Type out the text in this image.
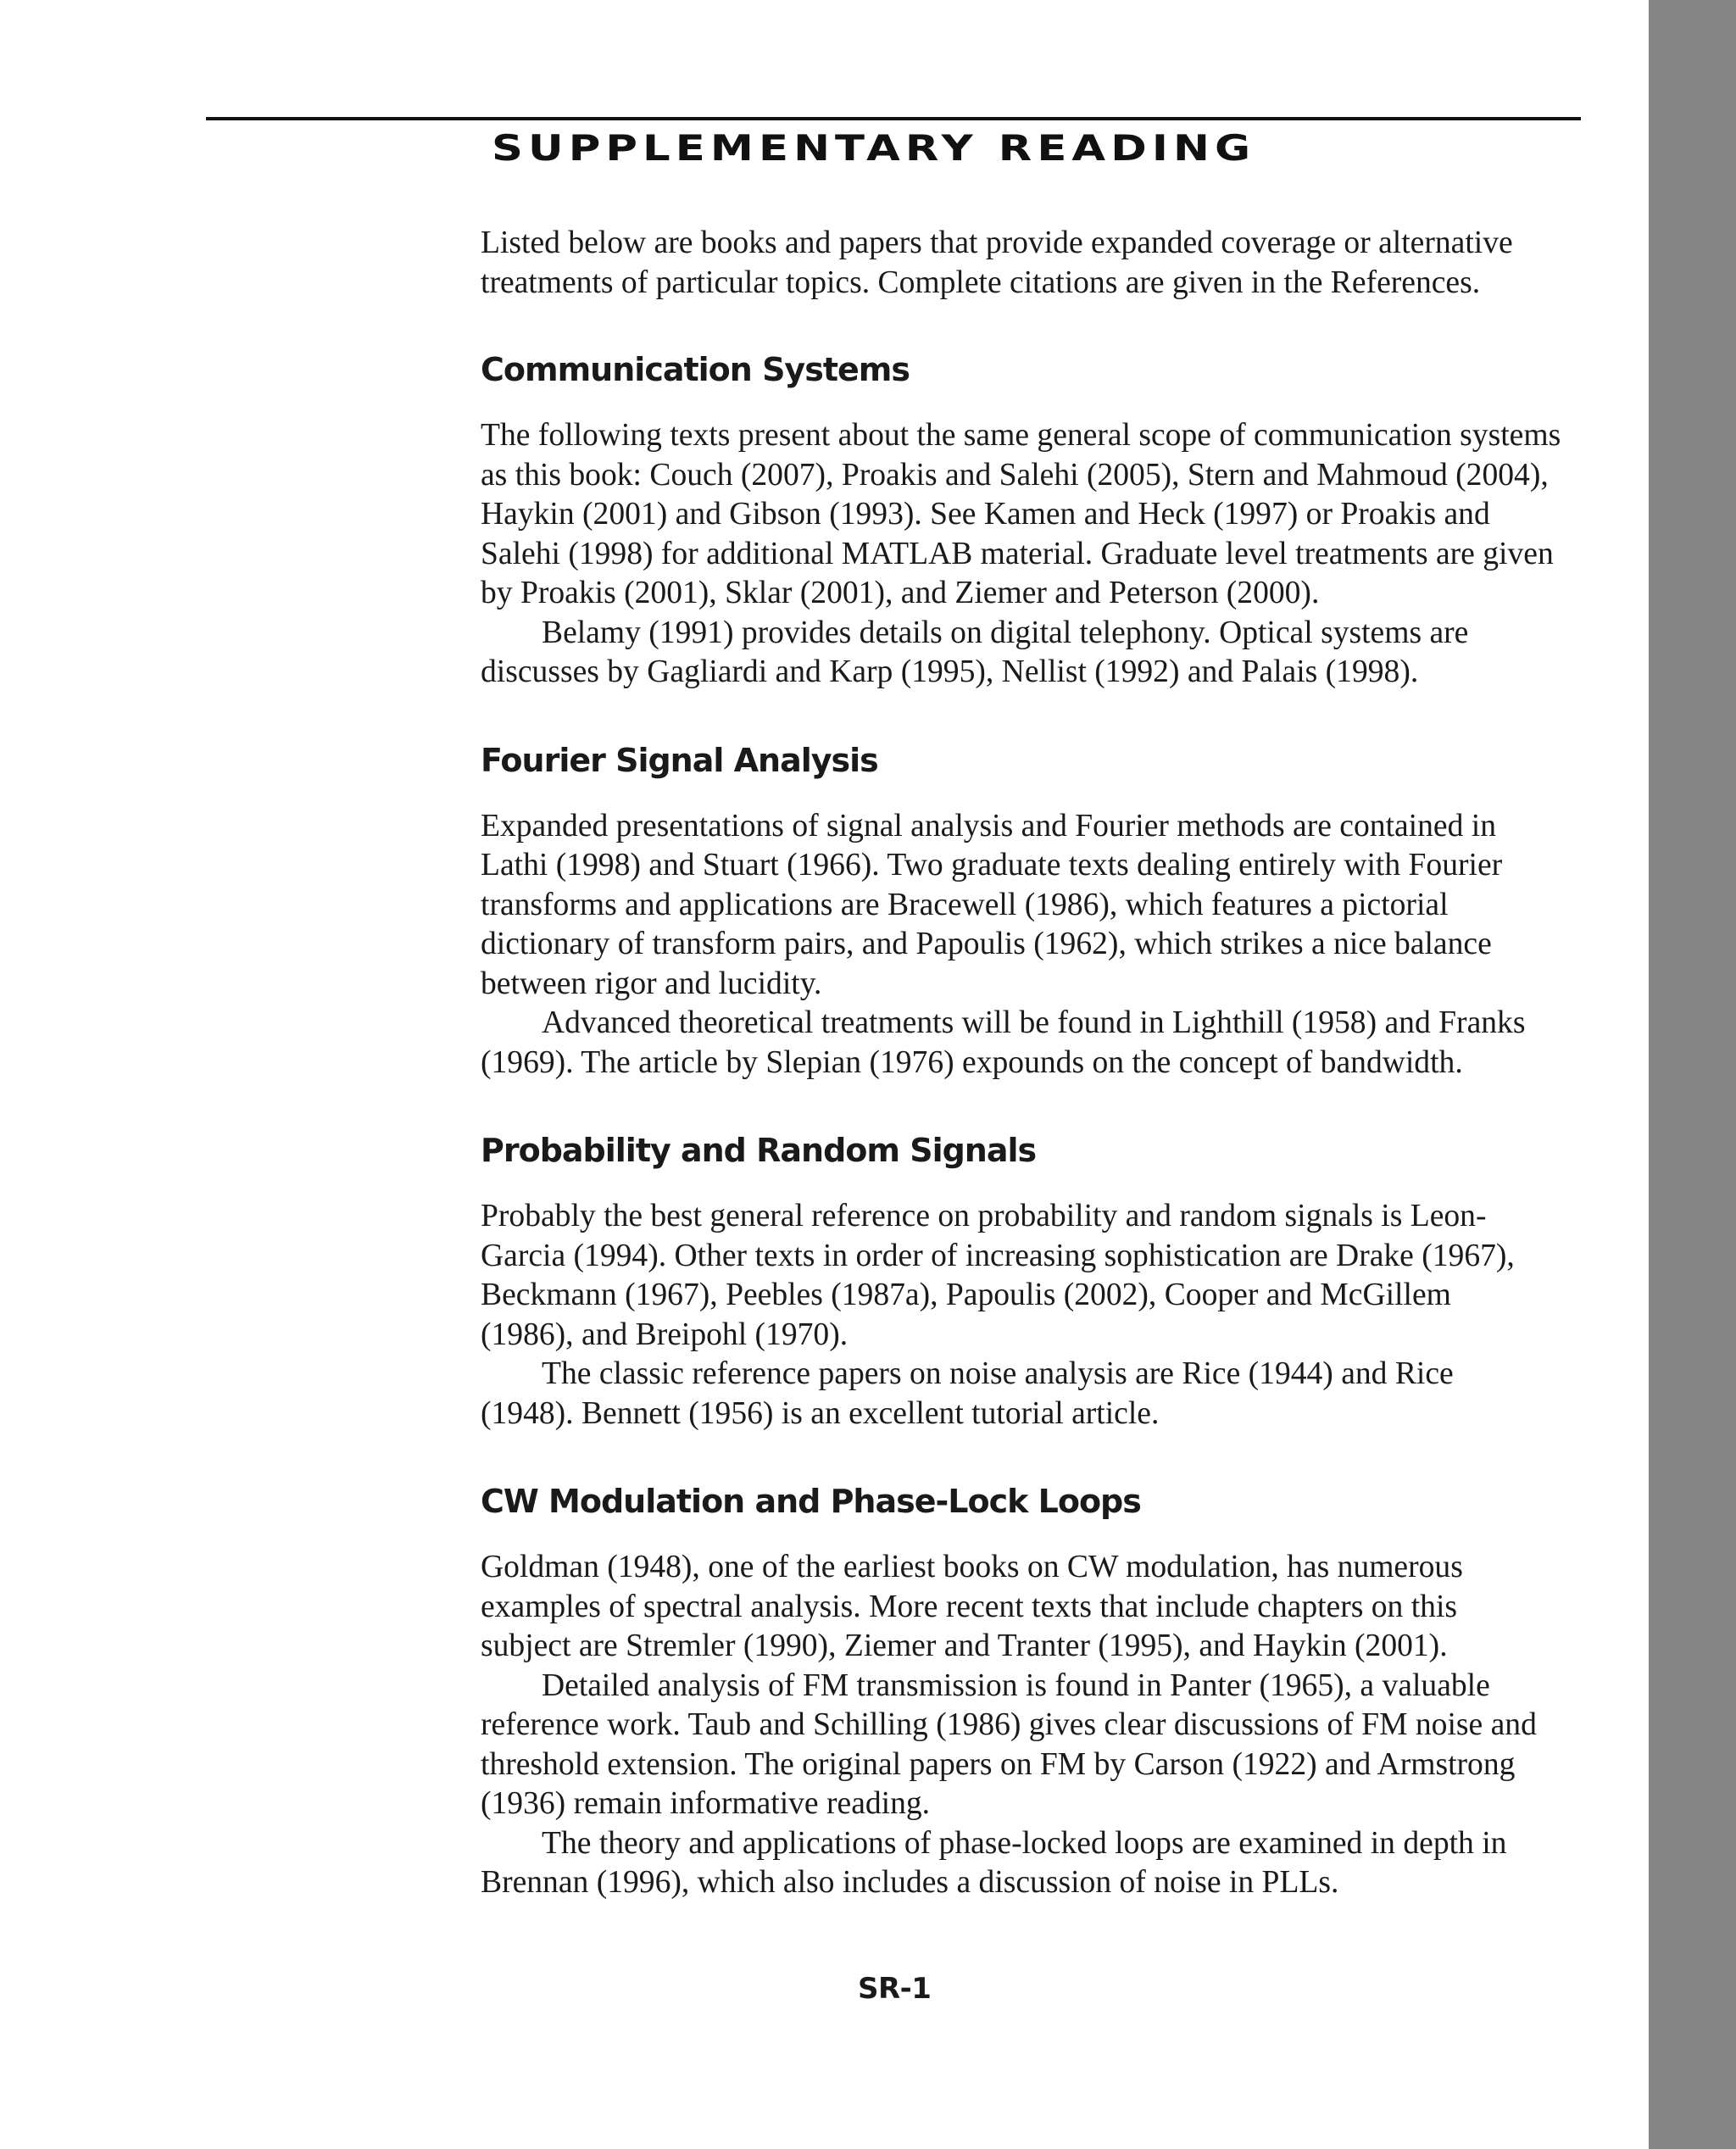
SUPPLEMENTARY READING

Listed below are books and papers that provide expanded coverage or alternative
treatments of particular topics. Complete citations are given in the References.

Communication Systems

The following texts present about the same general scope of communication systems
as this book: Couch (2007), Proakis and Salehi (2005), Stern and Mahmoud (2004),
Haykin (2001) and Gibson (1993). See Kamen and Heck (1997) or Proakis and
Salehi (1998) for additional MATLAB material. Graduate level treatments are given
by Proakis (2001), Sklar (2001), and Ziemer and Peterson (2000).
Belamy (1991) provides details on digital telephony. Optical systems are
discusses by Gagliardi and Karp (1995), Nellist (1992) and Palais (1998).

Fourier Signal Analysis

Expanded presentations of signal analysis and Fourier methods are contained in
Lathi (1998) and Stuart (1966). Two graduate texts dealing entirely with Fourier
transforms and applications are Bracewell (1986), which features a pictorial
dictionary of transform pairs, and Papoulis (1962), which strikes a nice balance
between rigor and lucidity.
Advanced theoretical treatments will be found in Lighthill (1958) and Franks
(1969). The article by Slepian (1976) expounds on the concept of bandwidth.

Probability and Random Signals

Probably the best general reference on probability and random signals is Leon-
Garcia (1994). Other texts in order of increasing sophistication are Drake (1967),
Beckmann (1967), Peebles (1987a), Papoulis (2002), Cooper and McGillem
(1986), and Breipohl (1970).
The classic reference papers on noise analysis are Rice (1944) and Rice
(1948). Bennett (1956) is an excellent tutorial article.

CW Modulation and Phase-Lock Loops

Goldman (1948), one of the earliest books on CW modulation, has numerous
examples of spectral analysis. More recent texts that include chapters on this
subject are Stremler (1990), Ziemer and Tranter (1995), and Haykin (2001).
Detailed analysis of FM transmission is found in Panter (1965), a valuable
reference work. Taub and Schilling (1986) gives clear discussions of FM noise and
threshold extension. The original papers on FM by Carson (1922) and Armstrong
(1936) remain informative reading.
The theory and applications of phase-locked loops are examined in depth in
Brennan (1996), which also includes a discussion of noise in PLLs.

SR-1
